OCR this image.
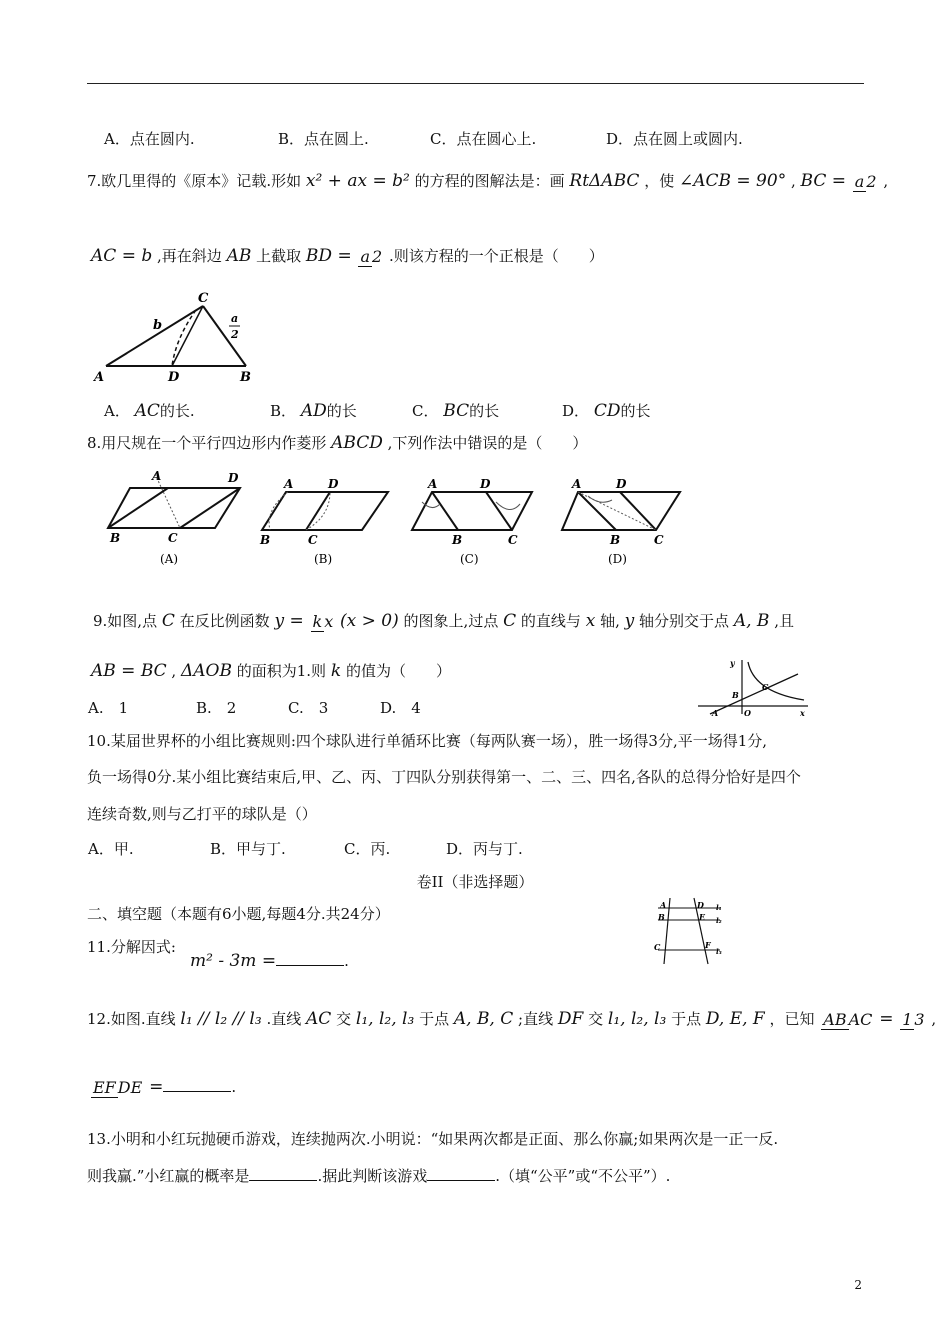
A．点在圆内.	B．点在圆上.	C．点在圆心上.	D．点在圆上或圆内.
7.欧几里得的《原本》记载.形如 x² + ax = b² 的方程的图解法是：画 RtΔABC ，使 ∠ACB = 90° , BC = a 2 ,
AC = b ,再在斜边 AB 上截取 BD = a 2 .则该方程的一个正根是（　　）
A	D	B
C
b	a
2
A． AC的长.	B． AD的长	C． BC的长	D． CD的长
8.用尺规在一个平行四边形内作菱形 ABCD ,下列作法中错误的是（　　）
A	D
B	C
(A)
A	D
B	C
(B)
A	D
B	C
(C)
A	D
B	C
(D)
9.如图,点 C 在反比例函数 y = k x (x > 0) 的图象上,过点 C 的直线与 x 轴, y 轴分别交于点 A, B ,且
AB = BC , ΔAOB 的面积为1.则 k 的值为（　　）
A.　1	B.　2	C.　3	D.　4
y
x
O
A
B
C
10.某届世界杯的小组比赛规则:四个球队进行单循环比赛（每两队赛一场），胜一场得3分,平一场得1分,
负一场得0分.某小组比赛结束后,甲、乙、丙、丁四队分别获得第一、二、三、四名,各队的总得分恰好是四个
连续奇数,则与乙打平的球队是（）
A．甲.	B．甲与丁.	C．丙.	D．丙与丁.
卷II（非选择题）
二、填空题（本题有6小题,每题4分.共24分）	A
B
C
D
E
F
l₁
l₂
l₃
11.分解因式:
m² - 3m =	.
12.如图.直线 l₁ // l₂ // l₃ .直线 AC 交 l₁, l₂, l₃ 于点 A, B, C ;直线 DF 交 l₁, l₂, l₃ 于点 D, E, F ，已知 AB AC = 1 3 ,
EF DE =	.
13.小明和小红玩抛硬币游戏，连续抛两次.小明说：“如果两次都是正面、那么你赢;如果两次是一正一反.
则我赢.”小红赢的概率是	.据此判断该游戏	.（填“公平”或“不公平”）.
2
